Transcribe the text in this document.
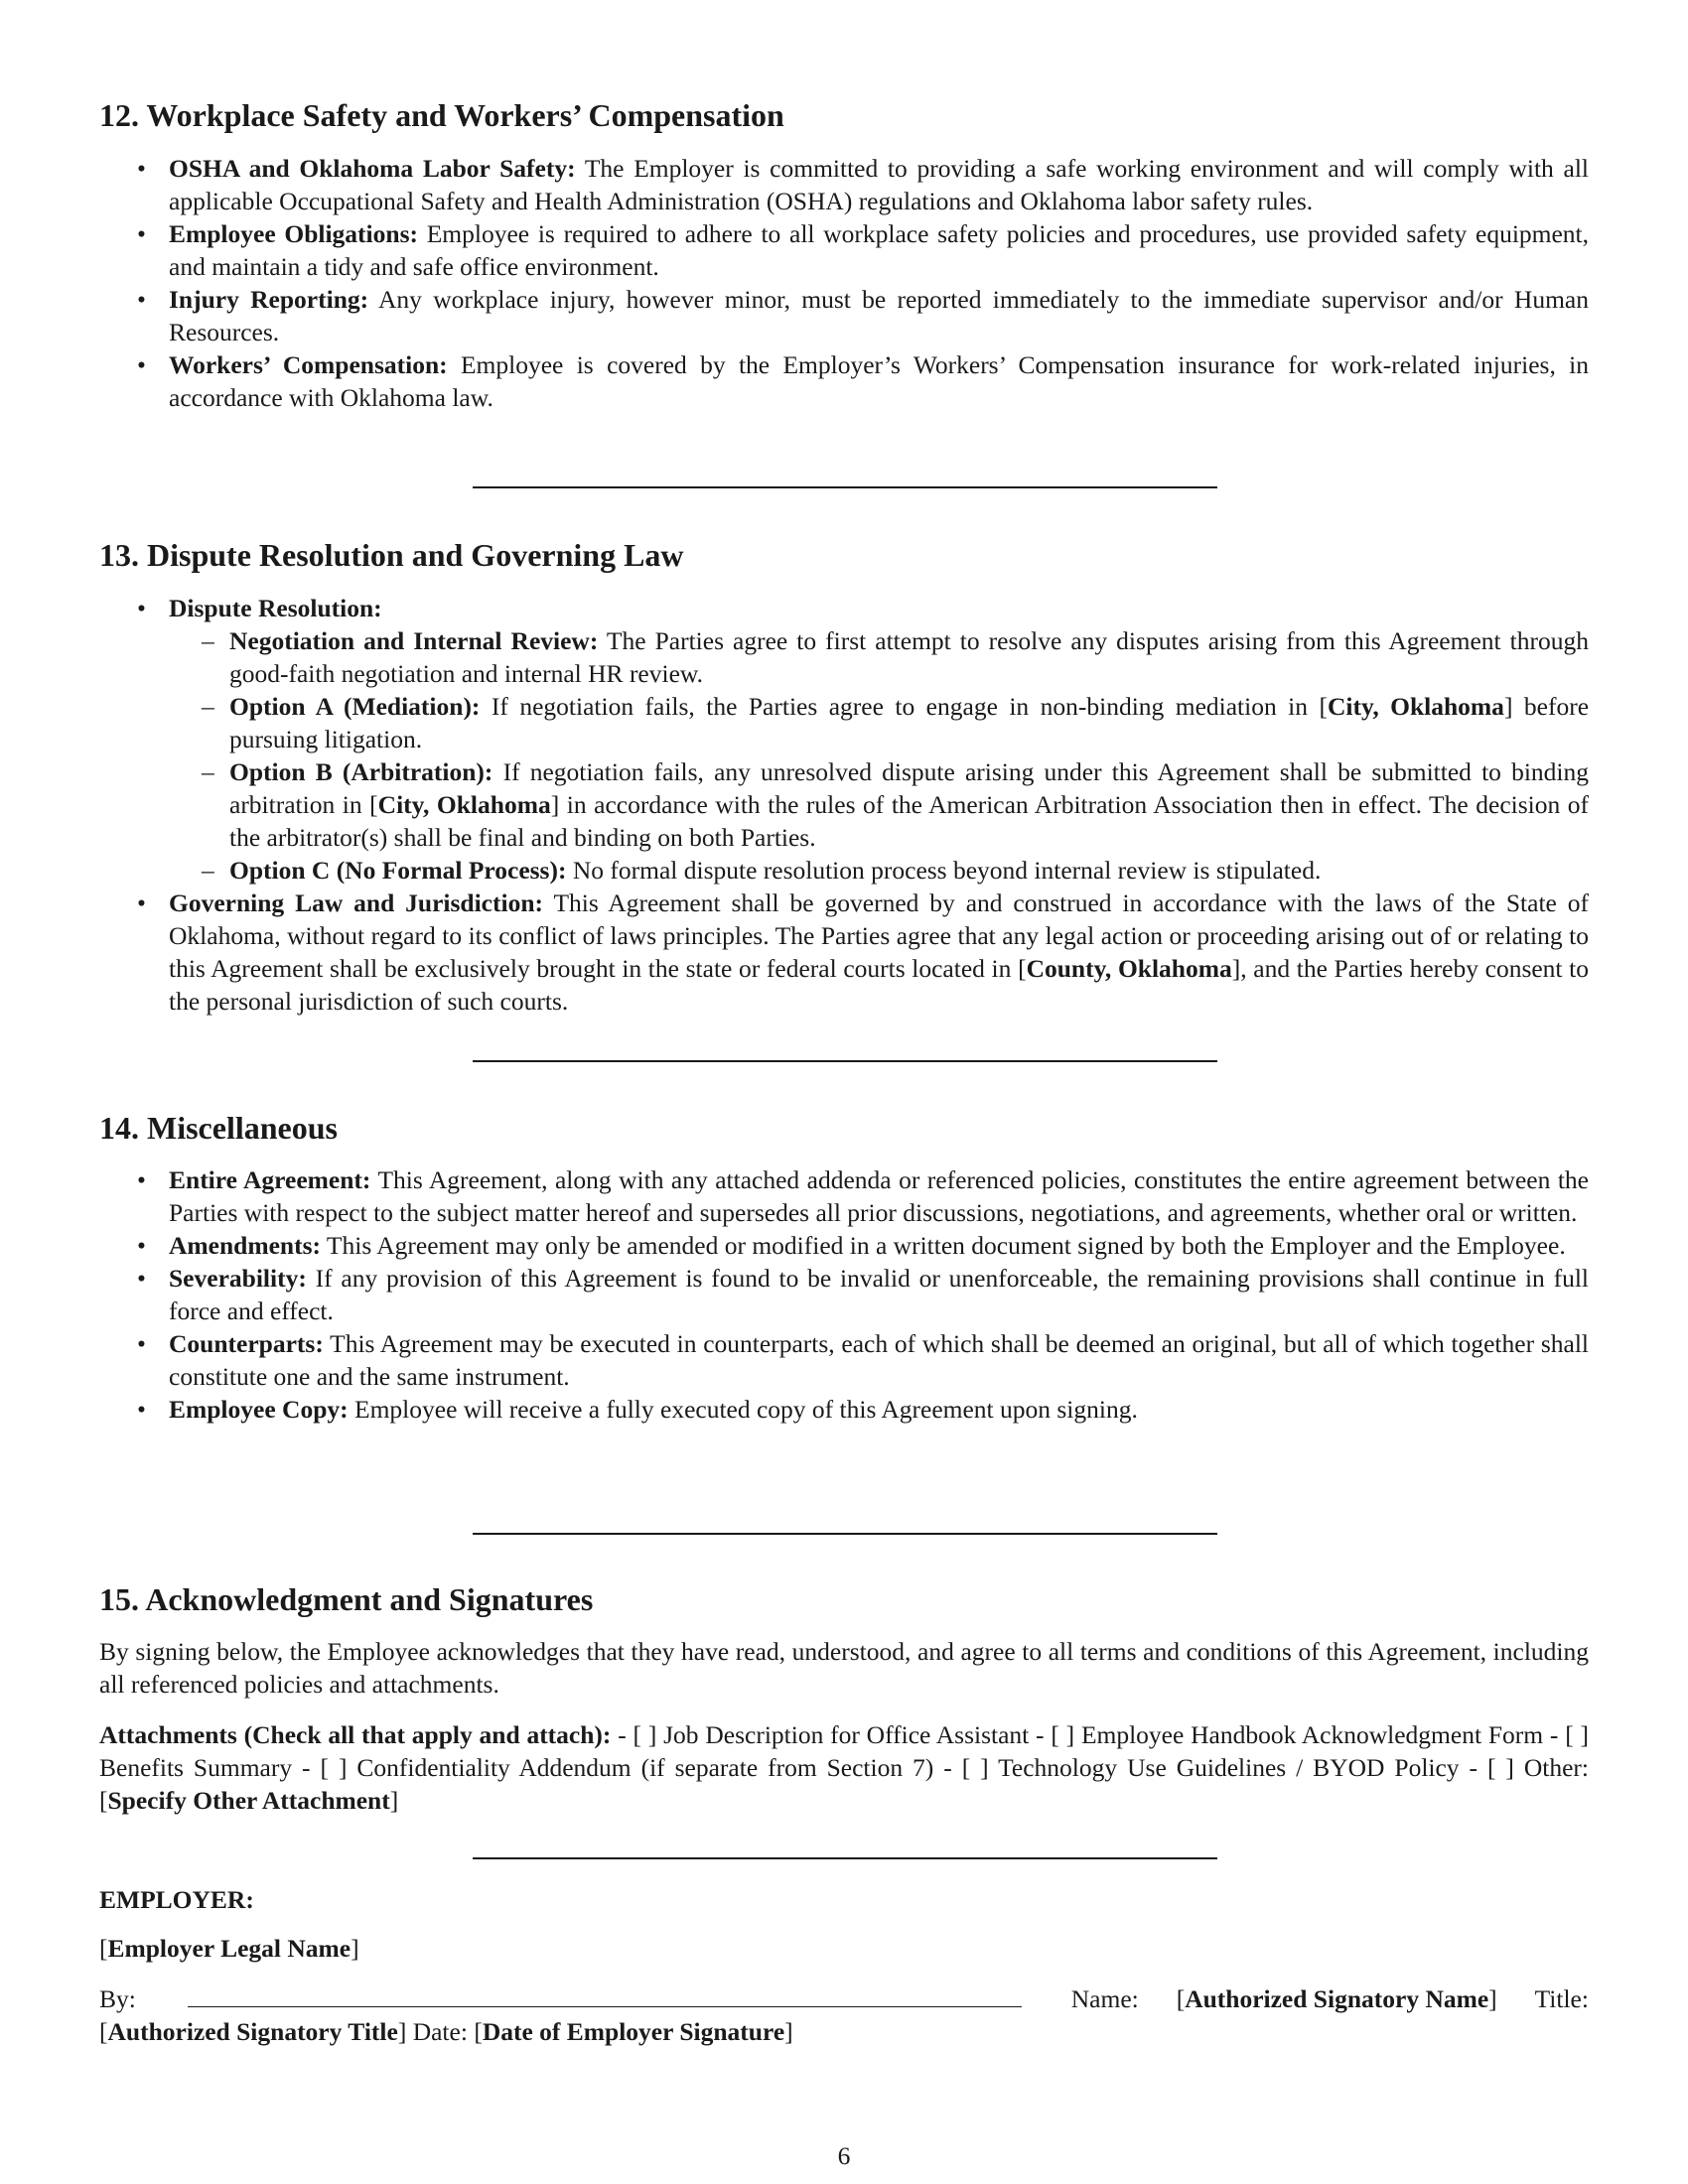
12. Workplace Safety and Workers’ Compensation
• OSHA and Oklahoma Labor Safety: The Employer is committed to providing a safe working environment and will comply with all applicable Occupational Safety and Health Administration (OSHA) regulations and Oklahoma labor safety rules.
• Employee Obligations: Employee is required to adhere to all workplace safety policies and procedures, use provided safety equipment, and maintain a tidy and safe office environment.
• Injury Reporting: Any workplace injury, however minor, must be reported immediately to the immediate supervisor and/or Human Resources.
• Workers’ Compensation: Employee is covered by the Employer’s Workers’ Compensation insurance for work-related injuries, in accordance with Oklahoma law.
13. Dispute Resolution and Governing Law
• Dispute Resolution:
– Negotiation and Internal Review: The Parties agree to first attempt to resolve any disputes arising from this Agreement through good-faith negotiation and internal HR review.
– Option A (Mediation): If negotiation fails, the Parties agree to engage in non-binding mediation in [City, Oklahoma] before pursuing litigation.
– Option B (Arbitration): If negotiation fails, any unresolved dispute arising under this Agreement shall be submitted to binding arbitration in [City, Oklahoma] in accordance with the rules of the American Arbitration Association then in effect. The decision of the arbitrator(s) shall be final and binding on both Parties.
– Option C (No Formal Process): No formal dispute resolution process beyond internal review is stipulated.
• Governing Law and Jurisdiction: This Agreement shall be governed by and construed in accordance with the laws of the State of Oklahoma, without regard to its conflict of laws principles. The Parties agree that any legal action or proceeding arising out of or relating to this Agreement shall be exclusively brought in the state or federal courts located in [County, Oklahoma], and the Parties hereby consent to the personal jurisdiction of such courts.
14. Miscellaneous
• Entire Agreement: This Agreement, along with any attached addenda or referenced policies, constitutes the entire agreement between the Parties with respect to the subject matter hereof and supersedes all prior discussions, negotiations, and agreements, whether oral or written.
• Amendments: This Agreement may only be amended or modified in a written document signed by both the Employer and the Employee.
• Severability: If any provision of this Agreement is found to be invalid or unenforceable, the remaining provisions shall continue in full force and effect.
• Counterparts: This Agreement may be executed in counterparts, each of which shall be deemed an original, but all of which together shall constitute one and the same instrument.
• Employee Copy: Employee will receive a fully executed copy of this Agreement upon signing.
15. Acknowledgment and Signatures

By signing below, the Employee acknowledges that they have read, understood, and agree to all terms and conditions of this Agreement, including all referenced policies and attachments.

Attachments (Check all that apply and attach): - [ ] Job Description for Office Assistant - [ ] Employee Handbook Acknowledgment Form - [ ] Benefits Summary - [ ] Confidentiality Addendum (if separate from Section 7) - [ ] Technology Use Guidelines / BYOD Policy - [ ] Other: [Specify Other Attachment]

EMPLOYER:

[Employer Legal Name]

By:	Name: [Authorized Signatory Name] Title:
[Authorized Signatory Title] Date: [Date of Employer Signature]
6
